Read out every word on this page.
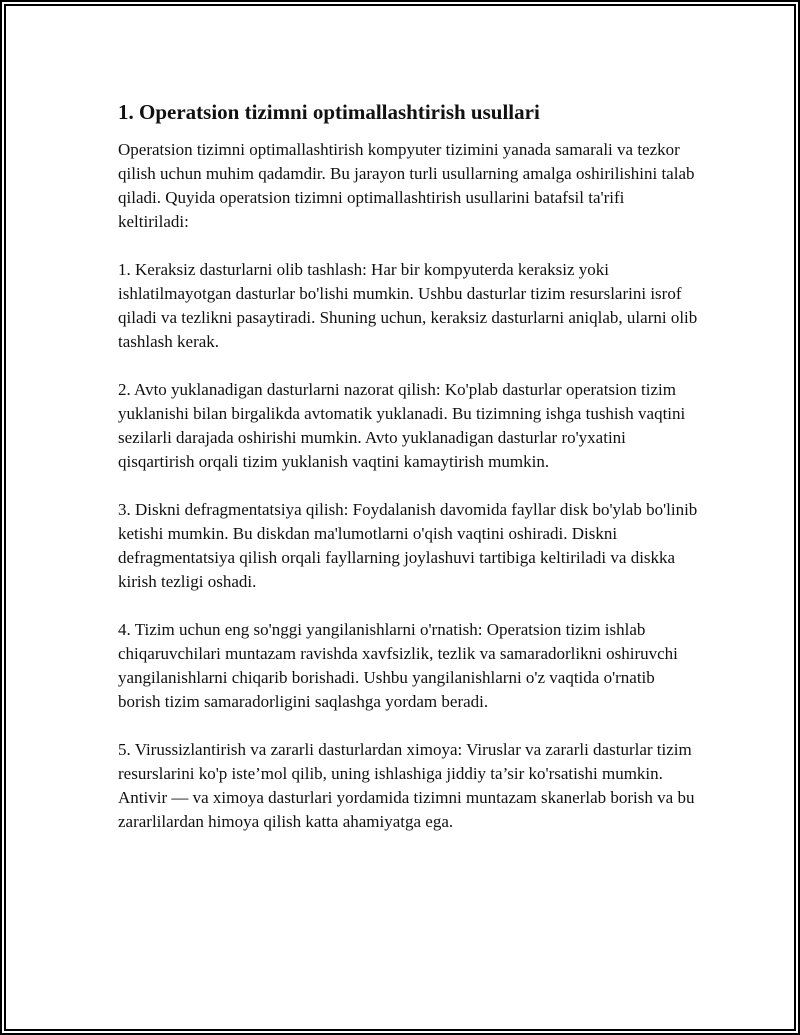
1. Operatsion tizimni optimallashtirish usullari

Operatsion tizimni optimallashtirish kompyuter tizimini yanada samarali va tezkor qilish uchun muhim qadamdir. Bu jarayon turli usullarning amalga oshirilishini talab qiladi. Quyida operatsion tizimni optimallashtirish usullarini batafsil ta'rifi keltiriladi:

1. Keraksiz dasturlarni olib tashlash: Har bir kompyuterda keraksiz yoki ishlatilmayotgan dasturlar bo'lishi mumkin. Ushbu dasturlar tizim resurslarini isrof qiladi va tezlikni pasaytiradi. Shuning uchun, keraksiz dasturlarni aniqlab, ularni olib tashlash kerak.

2. Avto yuklanadigan dasturlarni nazorat qilish: Ko'plab dasturlar operatsion tizim yuklanishi bilan birgalikda avtomatik yuklanadi. Bu tizimning ishga tushish vaqtini sezilarli darajada oshirishi mumkin. Avto yuklanadigan dasturlar ro'yxatini qisqartirish orqali tizim yuklanish vaqtini kamaytirish mumkin.

3. Diskni defragmentatsiya qilish: Foydalanish davomida fayllar disk bo'ylab bo'linib ketishi mumkin. Bu diskdan ma'lumotlarni o'qish vaqtini oshiradi. Diskni defragmentatsiya qilish orqali fayllarning joylashuvi tartibiga keltiriladi va diskka kirish tezligi oshadi.

4. Tizim uchun eng so'nggi yangilanishlarni o'rnatish: Operatsion tizim ishlab chiqaruvchilari muntazam ravishda xavfsizlik, tezlik va samaradorlikni oshiruvchi yangilanishlarni chiqarib borishadi. Ushbu yangilanishlarni o'z vaqtida o'rnatib borish tizim samaradorligini saqlashga yordam beradi.

5. Virussizlantirish va zararli dasturlardan ximoya: Viruslar va zararli dasturlar tizim resurslarini ko'p iste’mol qilib, uning ishlashiga jiddiy ta’sir ko'rsatishi mumkin. Antivir — va ximoya dasturlari yordamida tizimni muntazam skanerlab borish va bu zararlilardan himoya qilish katta ahamiyatga ega.
